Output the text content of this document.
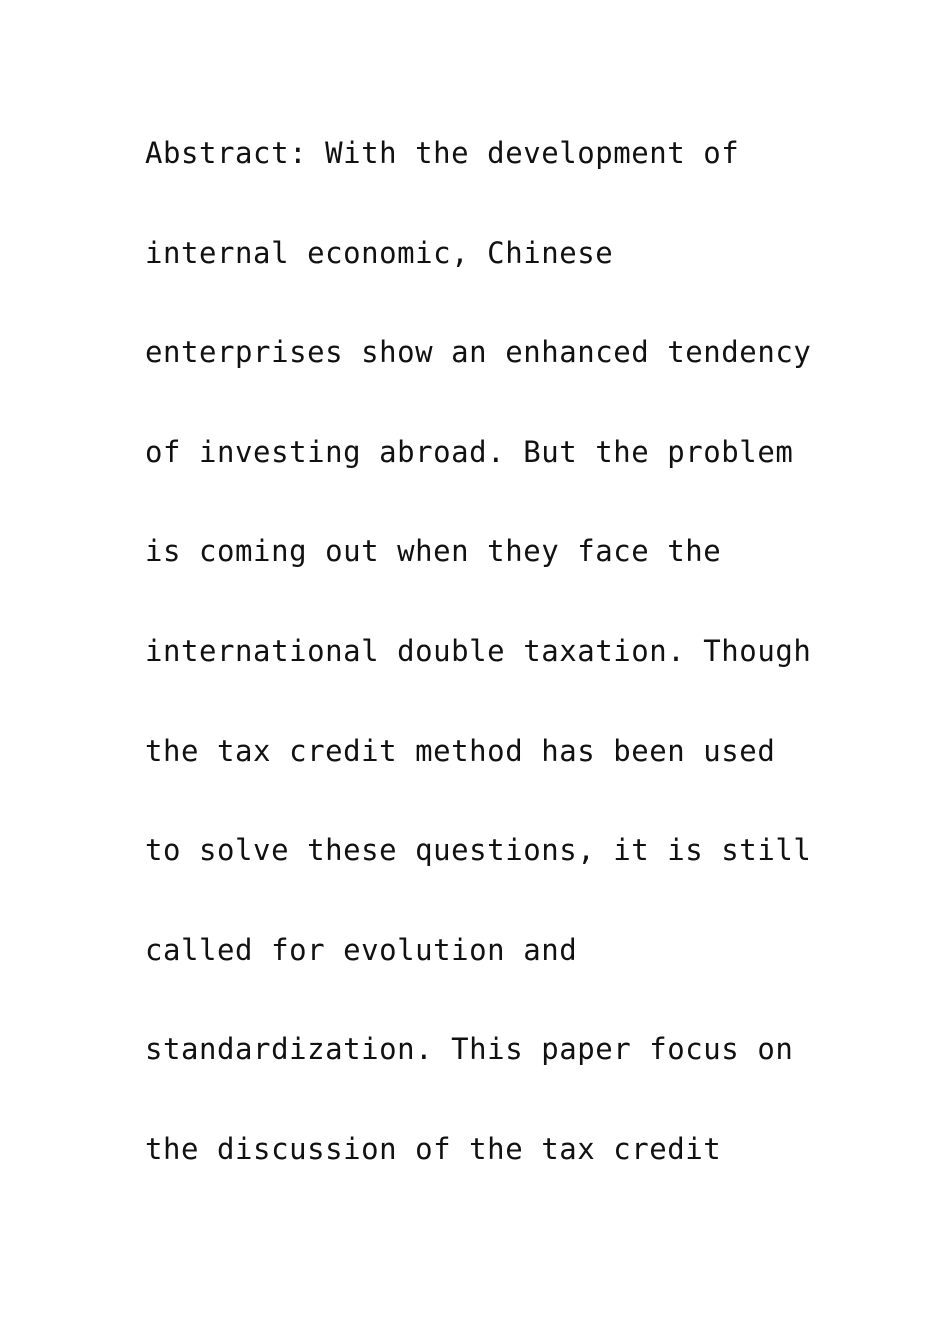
Abstract: With the development of
internal economic, Chinese
enterprises show an enhanced tendency
of investing abroad. But the problem
is coming out when they face the
international double taxation. Though
the tax credit method has been used
to solve these questions, it is still
called for evolution and
standardization. This paper focus on
the discussion of the tax credit
